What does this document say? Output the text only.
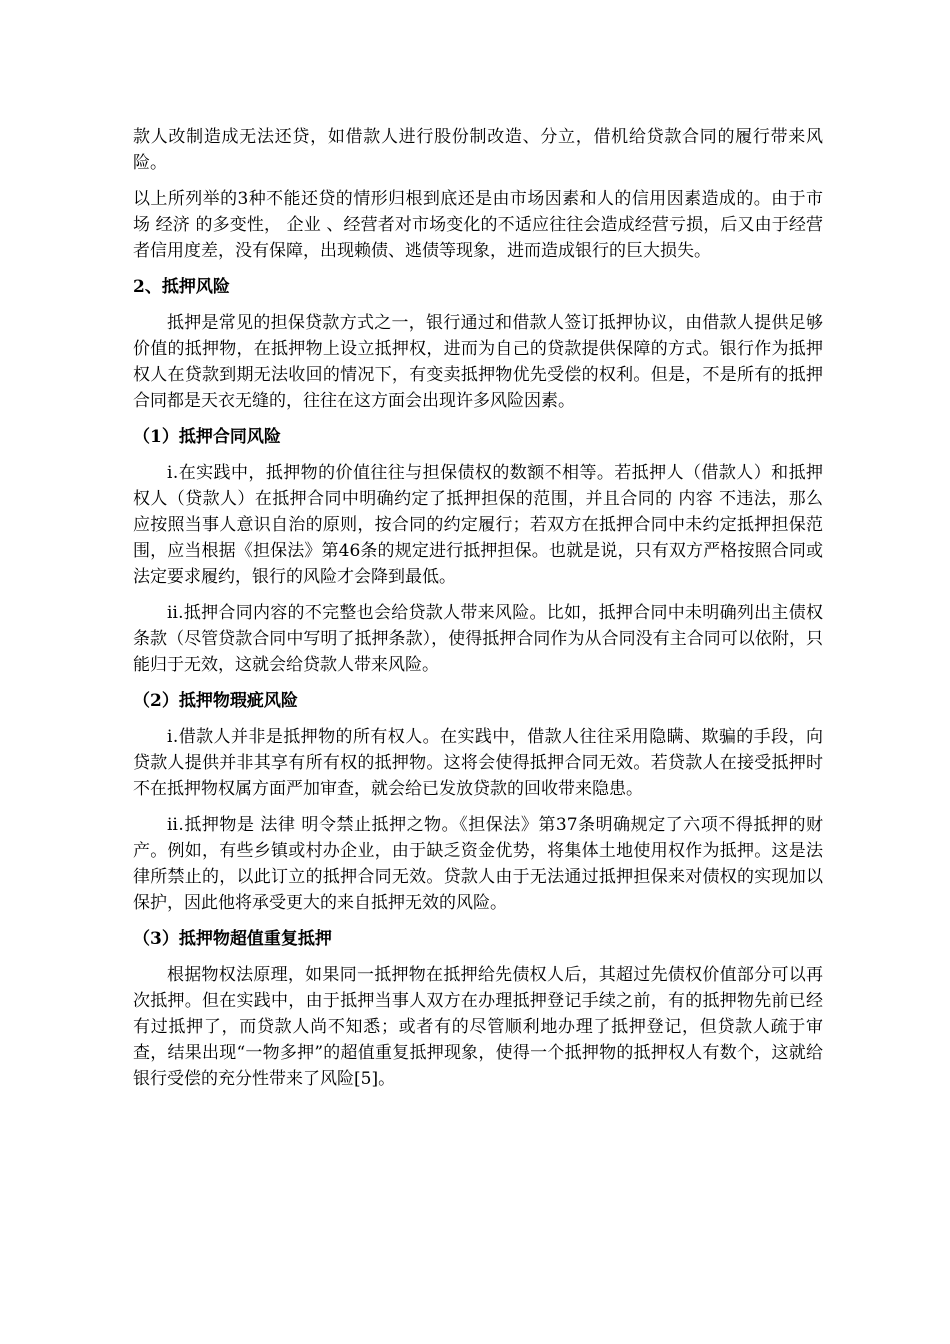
款人改制造成无法还贷，如借款人进行股份制改造、分立，借机给贷款合同的履行带来风险。

以上所列举的3种不能还贷的情形归根到底还是由市场因素和人的信用因素造成的。由于市场 经济 的多变性， 企业 、经营者对市场变化的不适应往往会造成经营亏损，后又由于经营者信用度差，没有保障，出现赖债、逃债等现象，进而造成银行的巨大损失。

2、抵押风险

抵押是常见的担保贷款方式之一，银行通过和借款人签订抵押协议，由借款人提供足够价值的抵押物，在抵押物上设立抵押权，进而为自己的贷款提供保障的方式。银行作为抵押权人在贷款到期无法收回的情况下，有变卖抵押物优先受偿的权利。但是，不是所有的抵押合同都是天衣无缝的，往往在这方面会出现许多风险因素。

（1）抵押合同风险

ⅰ.在实践中，抵押物的价值往往与担保债权的数额不相等。若抵押人（借款人）和抵押权人（贷款人）在抵押合同中明确约定了抵押担保的范围，并且合同的 内容 不违法，那么应按照当事人意识自治的原则，按合同的约定履行；若双方在抵押合同中未约定抵押担保范围，应当根据《担保法》第46条的规定进行抵押担保。也就是说，只有双方严格按照合同或法定要求履约，银行的风险才会降到最低。

ⅱ.抵押合同内容的不完整也会给贷款人带来风险。比如，抵押合同中未明确列出主债权条款（尽管贷款合同中写明了抵押条款），使得抵押合同作为从合同没有主合同可以依附，只能归于无效，这就会给贷款人带来风险。

（2）抵押物瑕疵风险

ⅰ.借款人并非是抵押物的所有权人。在实践中，借款人往往采用隐瞒、欺骗的手段，向贷款人提供并非其享有所有权的抵押物。这将会使得抵押合同无效。若贷款人在接受抵押时不在抵押物权属方面严加审查，就会给已发放贷款的回收带来隐患。

ⅱ.抵押物是 法律 明令禁止抵押之物。《担保法》第37条明确规定了六项不得抵押的财产。例如，有些乡镇或村办企业，由于缺乏资金优势，将集体土地使用权作为抵押。这是法律所禁止的，以此订立的抵押合同无效。贷款人由于无法通过抵押担保来对债权的实现加以保护，因此他将承受更大的来自抵押无效的风险。

（3）抵押物超值重复抵押

根据物权法原理，如果同一抵押物在抵押给先债权人后，其超过先债权价值部分可以再次抵押。但在实践中，由于抵押当事人双方在办理抵押登记手续之前，有的抵押物先前已经有过抵押了，而贷款人尚不知悉；或者有的尽管顺利地办理了抵押登记，但贷款人疏于审查，结果出现“一物多押”的超值重复抵押现象，使得一个抵押物的抵押权人有数个，这就给银行受偿的充分性带来了风险[5]。
